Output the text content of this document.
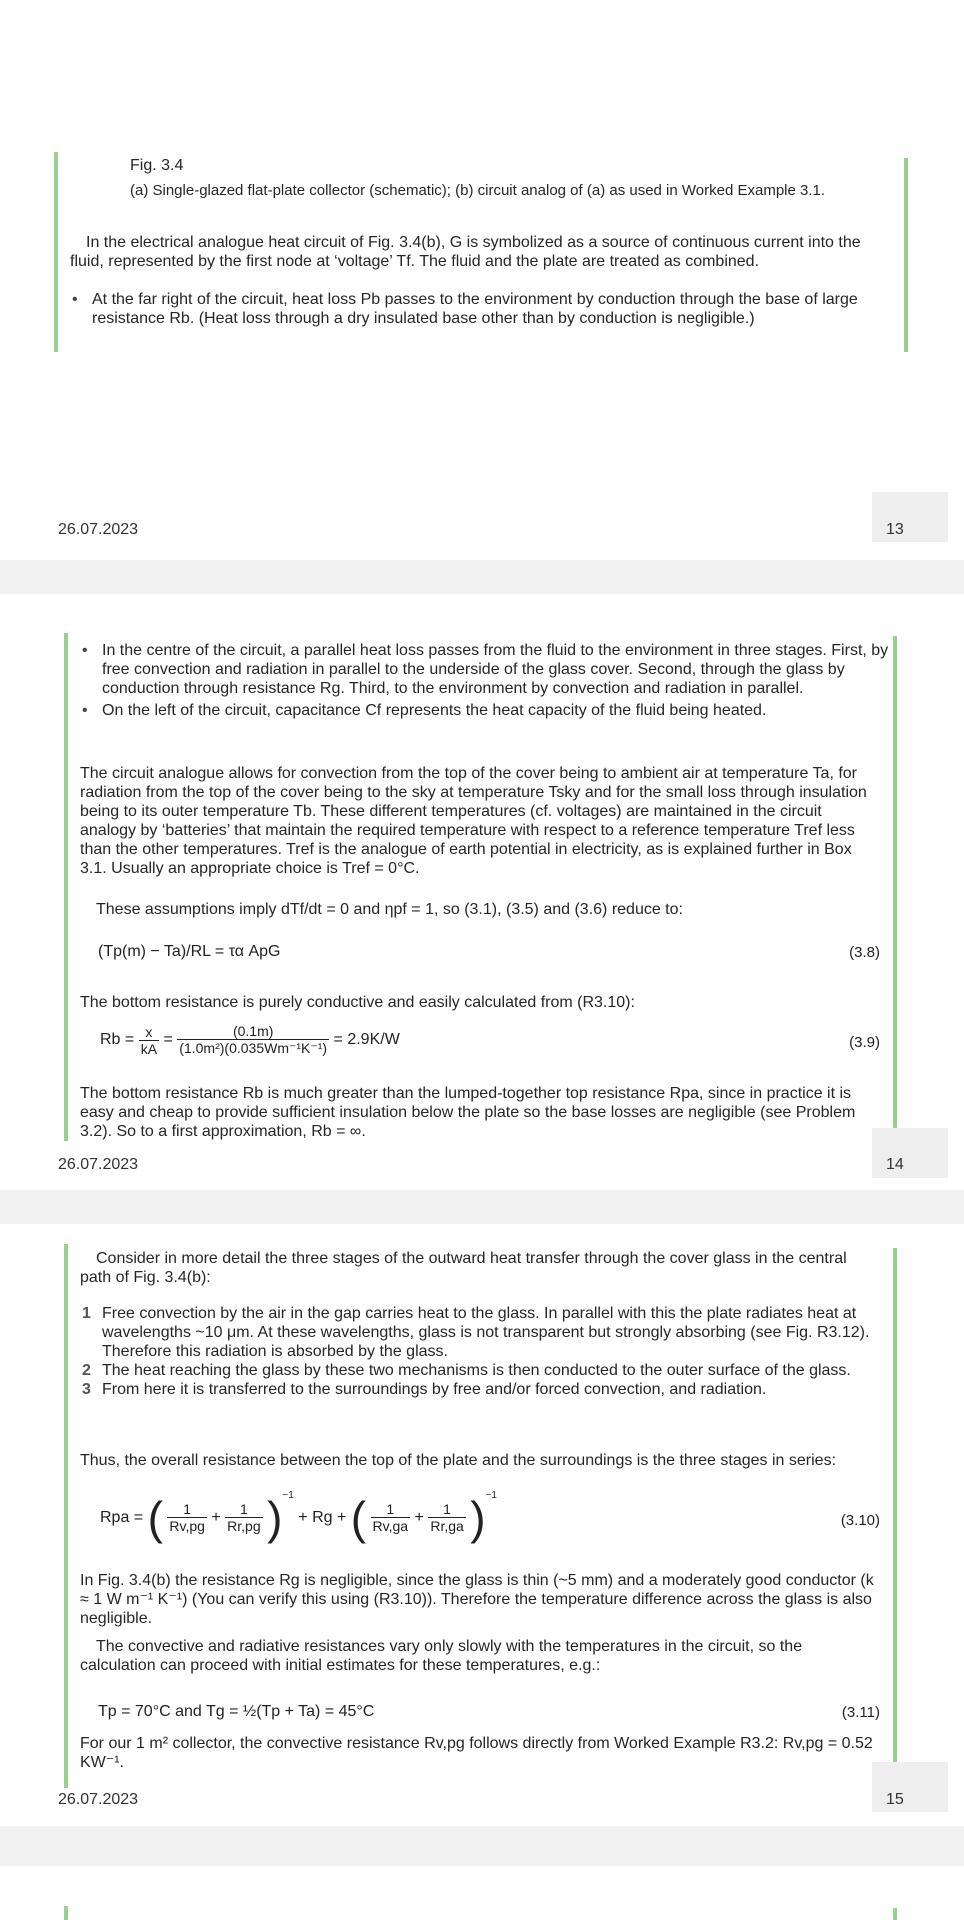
Fig. 3.4
(a) Single-glazed flat-plate collector (schematic); (b) circuit analog of (a) as used in Worked Example 3.1.
In the electrical analogue heat circuit of Fig. 3.4(b), G is symbolized as a source of continuous current into the fluid, represented by the first node at ‘voltage’ Tf. The fluid and the plate are treated as combined.
• At the far right of the circuit, heat loss Pb passes to the environment by conduction through the base of large resistance Rb. (Heat loss through a dry insulated base other than by conduction is negligible.)
26.07.2023	13
• In the centre of the circuit, a parallel heat loss passes from the fluid to the environment in three stages. First, by free convection and radiation in parallel to the underside of the glass cover. Second, through the glass by conduction through resistance Rg. Third, to the environment by convection and radiation in parallel.
• On the left of the circuit, capacitance Cf represents the heat capacity of the fluid being heated.
The circuit analogue allows for convection from the top of the cover being to ambient air at temperature Ta, for radiation from the top of the cover being to the sky at temperature Tsky and for the small loss through insulation being to its outer temperature Tb. These different temperatures (cf. voltages) are maintained in the circuit analogy by ‘batteries’ that maintain the required temperature with respect to a reference temperature Tref less than the other temperatures. Tref is the analogue of earth potential in electricity, as is explained further in Box 3.1. Usually an appropriate choice is Tref = 0°C.
These assumptions imply dTf/dt = 0 and ηpf = 1, so (3.1), (3.5) and (3.6) reduce to:
(Tp(m) − Ta)/RL = τα ApG	(3.8)
The bottom resistance is purely conductive and easily calculated from (R3.10):
$Rb = \frac{x}{kA} = \frac{(0.1m)}{\text{(1.0m²)(0.035Wm⁻¹K⁻¹)}} = 2.9K/W$	(3.9)
The bottom resistance Rb is much greater than the lumped-together top resistance Rpa, since in practice it is easy and cheap to provide sufficient insulation below the plate so the base losses are negligible (see Problem 3.2). So to a first approximation, Rb = ∞.
26.07.2023	14
Consider in more detail the three stages of the outward heat transfer through the cover glass in the central path of Fig. 3.4(b):
1 Free convection by the air in the gap carries heat to the glass. In parallel with this the plate radiates heat at wavelengths ~10 μm. At these wavelengths, glass is not transparent but strongly absorbing (see Fig. R3.12). Therefore this radiation is absorbed by the glass.
2 The heat reaching the glass by these two mechanisms is then conducted to the outer surface of the glass.
3 From here it is transferred to the surroundings by free and/or forced convection, and radiation.
Thus, the overall resistance between the top of the plate and the surroundings is the three stages in series:
Rpa = ( $\frac{1}{Rv,pg} + \frac{1}{Rr,pg} )^{-1} + Rg$ + ( $\frac{1}{Rv,ga} + \frac{1}{Rr,ga} )^{-1}$
(3.10)
In Fig. 3.4(b) the resistance Rg is negligible, since the glass is thin (~5 mm) and a moderately good conductor (k ≈ 1 W m⁻¹ K⁻¹) (You can verify this using (R3.10)). Therefore the temperature difference across the glass is also negligible.
The convective and radiative resistances vary only slowly with the temperatures in the circuit, so the calculation can proceed with initial estimates for these temperatures, e.g.:
Tp = 70°C and Tg = ½(Tp + Ta) = 45°C	(3.11)
For our 1 m² collector, the convective resistance Rv,pg follows directly from Worked Example R3.2: Rv,pg = 0.52 KW⁻¹.
26.07.2023	15
